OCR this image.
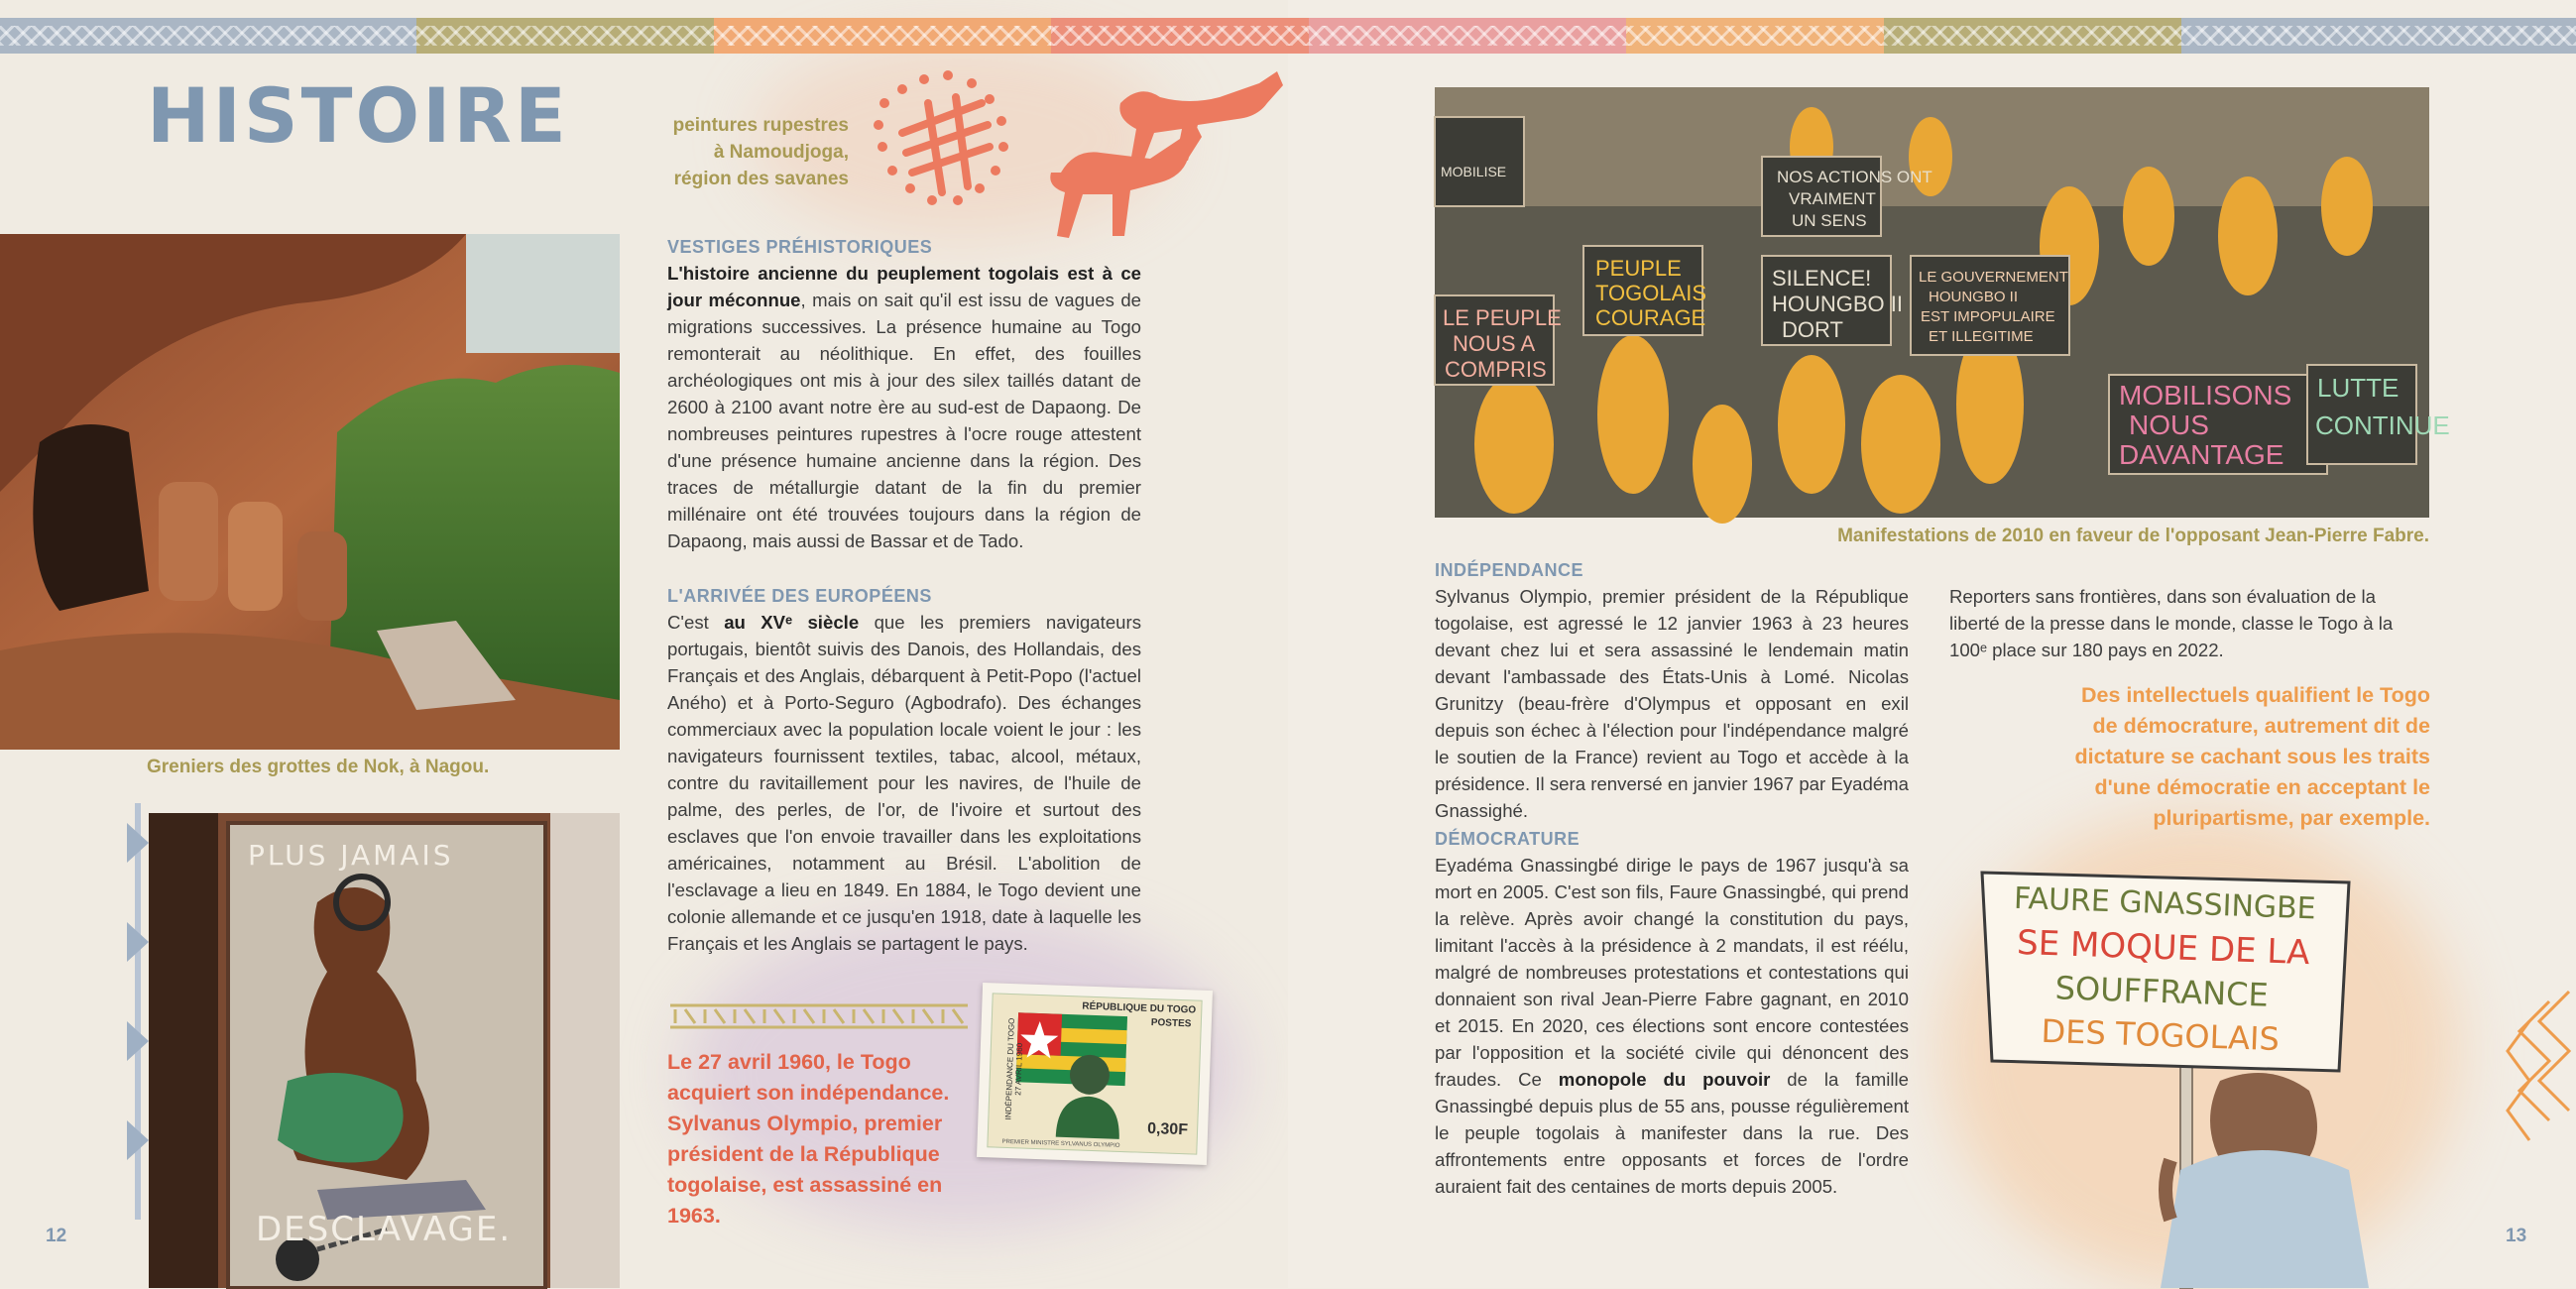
HISTOIRE	peintures rupestres
à Namoudjoga,
région des savanes
Greniers des grottes de Nok, à Nagou.
PLUS JAMAIS
DESCLAVAGE.
VESTIGES PRÉHISTORIQUES

L'histoire ancienne du peuplement togolais est à ce jour méconnue, mais on sait qu'il est issu de vagues de migrations successives. La présence humaine au Togo remonterait au néolithique. En effet, des fouilles archéologiques ont mis à jour des silex taillés datant de 2600 à 2100 avant notre ère au sud-est de Dapaong. De nombreuses peintures rupestres à l'ocre rouge attestent d'une présence humaine ancienne dans la région. Des traces de métallurgie datant de la fin du premier millénaire ont été trouvées toujours dans la région de Dapaong, mais aussi de Bassar et de Tado.

L'ARRIVÉE DES EUROPÉENS

C'est au XVᵉ siècle que les premiers navigateurs portugais, bientôt suivis des Danois, des Hollandais, des Français et des Anglais, débarquent à Petit-Popo (l'actuel Aného) et à Porto-Seguro (Agbodrafo). Des échanges commerciaux avec la population locale voient le jour : les navigateurs fournissent textiles, tabac, alcool, métaux, contre du ravitaillement pour les navires, de l'huile de palme, des perles, de l'or, de l'ivoire et surtout des esclaves que l'on envoie travailler dans les exploitations américaines, notamment au Brésil. L'abolition de l'esclavage a lieu en 1849. En 1884, le Togo devient une colonie allemande et ce jusqu'en 1918, date à laquelle les Français et les Anglais se partagent le pays.

Le 27 avril 1960, le Togo acquiert son indépendance. Sylvanus Olympio, premier président de la République togolaise, est assassiné en 1963.

RÉPUBLIQUE DU TOGO
POSTES
0,30F
PREMIER MINISTRE SYLVANUS OLYMPIO
INDÉPENDANCE DU TOGO
27 AVRIL 1960
12
NOS ACTIONS ONT
VRAIMENT
UN SENS
PEUPLE
TOGOLAIS
COURAGE
SILENCE!
HOUNGBO II
DORT
LE GOUVERNEMENT
HOUNGBO II
EST IMPOPULAIRE
ET ILLEGITIME
LE PEUPLE
NOUS A
COMPRIS
MOBILISONS
NOUS
DAVANTAGE
LUTTE
CONTINUE
MOBILISE
Manifestations de 2010 en faveur de l'opposant Jean-Pierre Fabre.
INDÉPENDANCE

Sylvanus Olympio, premier président de la République togolaise, est agressé le 12 janvier 1963 à 23 heures devant chez lui et sera assassiné le lendemain matin devant l'ambassade des États-Unis à Lomé. Nicolas Grunitzy (beau-frère d'Olympus et opposant en exil depuis son échec à l'élection pour l'indépendance malgré le soutien de la France) revient au Togo et accède à la présidence. Il sera renversé en janvier 1967 par Eyadéma Gnassighé.

DÉMOCRATURE

Eyadéma Gnassingbé dirige le pays de 1967 jusqu'à sa mort en 2005. C'est son fils, Faure Gnassingbé, qui prend la relève. Après avoir changé la constitution du pays, limitant l'accès à la présidence à 2 mandats, il est réélu, malgré de nombreuses protestations et contestations qui donnaient son rival Jean-Pierre Fabre gagnant, en 2010 et 2015. En 2020, ces élections sont encore contestées par l'opposition et la société civile qui dénoncent des fraudes. Ce monopole du pouvoir de la famille Gnassingbé depuis plus de 55 ans, pousse régulièrement le peuple togolais à manifester dans la rue. Des affrontements entre opposants et forces de l'ordre auraient fait des centaines de morts depuis 2005.

Reporters sans frontières, dans son évaluation de la liberté de la presse dans le monde, classe le Togo à la 100ᵉ place sur 180 pays en 2022.

Des intellectuels qualifient le Togo de démocrature, autrement dit de dictature se cachant sous les traits d'une démocratie en acceptant le pluripartisme, par exemple.

FAURE GNASSINGBE
SE MOQUE DE LA
SOUFFRANCE
DES TOGOLAIS
13
